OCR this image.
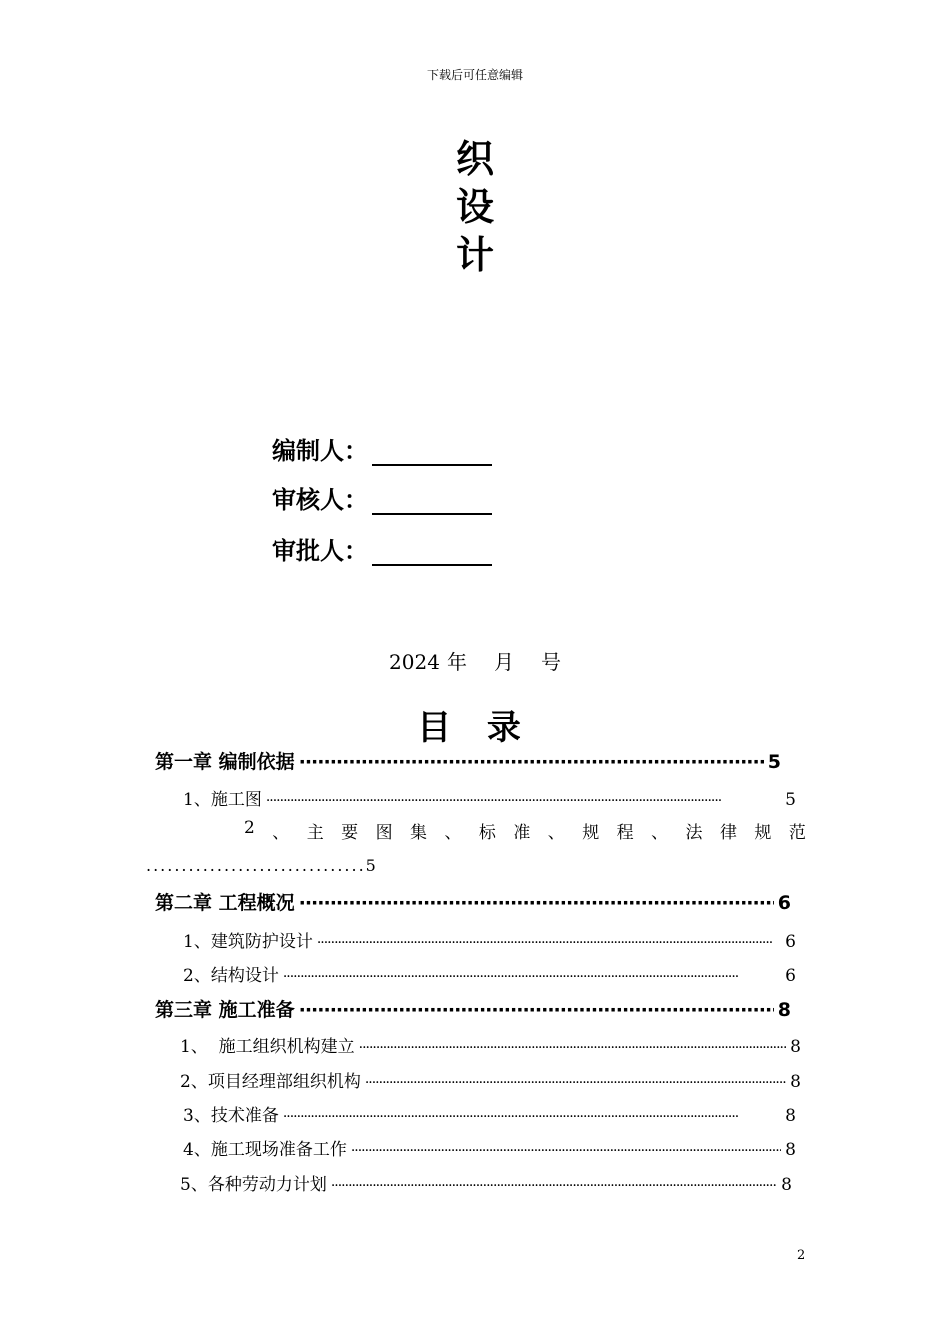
下载后可任意编辑
织
设
计
编制人：
审核人：
审批人：
2024 年 月 号
目 录
第一章 编制依据 ·····	5
1、施工图 ·····	5
2 、 主 要 图 集 、 标 准 、 规 程 、 法 律 规 范
...............................5
第二章 工程概况 ·····	6
1、建筑防护设计 ·····	6
2、结构设计 ·····	6
第三章 施工准备 ·····	8
1、  施工组织机构建立 ·····	8
2、项目经理部组织机构 ·····	8
3、技术准备 ·····	8
4、施工现场准备工作 ·····	8
5、各种劳动力计划 ·····	8
2
